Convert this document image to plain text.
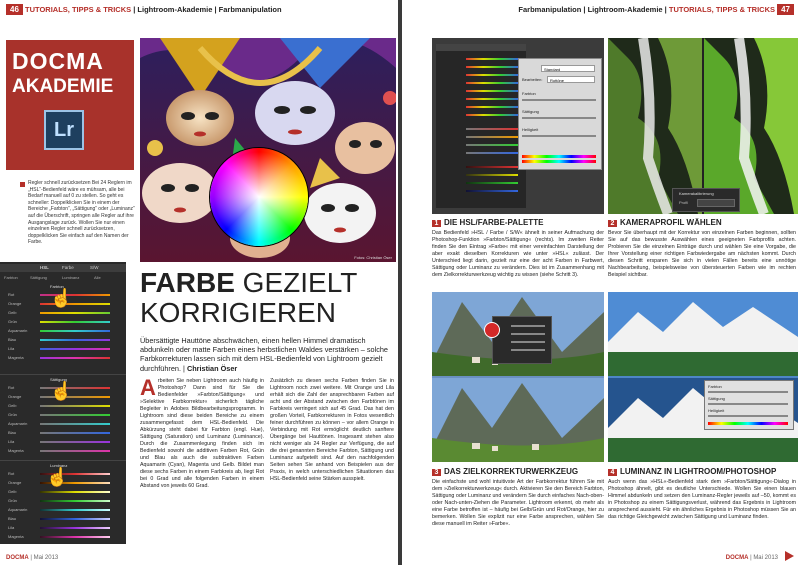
46 TUTORIALS, TIPPS & TRICKS | Lightroom-Akademie | Farbmanipulation
DOCMA
AKADEMIE
Lr
Regler schnell zurücksetzen Bei 24 Reglern im „HSL“-Bedienfeld wäre es mühsam, alle bei Bedarf manuell auf 0 zu stellen. So geht es schneller: Doppelklicken Sie in einem der Bereiche „Farbton“, „Sättigung“ oder „Luminanz“ auf die Überschrift, springen alle Regler auf ihre Ausgangslage zurück. Wollen Sie nur einen einzelnen Regler schnell zurücksetzen, doppelklicken Sie einfach auf den Namen der Farbe.
Fotos: Christian Öser
HSL	Farbe	S/W
Farbton	Sättigung	Luminanz	Alle
Farbton
Rot
Orange
Gelb
Grün
Aquamarin
Blau
Lila
Magenta
☝
Sättigung
Rot
Orange
Gelb
Grün
Aquamarin
Blau
Lila
Magenta
☝
Luminanz
Rot
Orange
Gelb
Grün
Aquamarin
Blau
Lila
Magenta
☝
FARBE GEZIELT
KORRIGIEREN
Übersättigte Hauttöne abschwächen, einen hellen Himmel dramatisch abdunkeln oder matte Farben eines herbstlichen Waldes verstärken – solche Farbkorrekturen lassen sich mit dem HSL-Bedienfeld von Lightroom gezielt durchführen. | Christian Öser
Arbeiten Sie neben Lightroom auch häufig in Photoshop? Dann sind für Sie die Bedienfelder »Farbton/Sättigung« und »Selektive Farbkorrektur« sicherlich tägliche Begleiter in Adobes Bildbearbeitungsprogramm. In Lightroom sind diese beiden Bereiche zu einem zusammengefasst: dem HSL-Bedienfeld. Die Abkürzung steht dabei für Farbton (engl. Hue), Sättigung (Saturation) und Luminanz (Luminance). Durch die Zusammenlegung finden sich im Bedienfeld sowohl die additiven Farben Rot, Grün und Blau als auch die subtraktiven Farben Aquamarin (Cyan), Magenta und Gelb. Bildet man diese sechs Farben in einem Farbkreis ab, liegt Rot bei 0 Grad und alle folgenden Farben in einem Abstand von jeweils 60 Grad.
Zusätzlich zu diesen sechs Farben finden Sie in Lightroom noch zwei weitere. Mit Orange und Lila erhält sich die Zahl der ansprechbaren Farben auf acht und der Abstand zwischen den Farbtönen im Farbkreis verringert sich auf 45 Grad. Das hat den großen Vorteil, Farbkorrekturen in Fotos wesentlich feiner durchführen zu können – vor allem Orange in Verbindung mit Rot ermöglicht deutlich sanftere Übergänge bei Hauttönen. Insgesamt stehen also nicht weniger als 24 Regler zur Verfügung, die auf die drei genannten Bereiche Farbton, Sättigung und Luminanz aufgeteilt sind. Auf den nachfolgenden Seiten sehen Sie anhand von Beispielen aus der Praxis, in welch unterschiedlichen Situationen das HSL-Bedienfeld seine Stärken ausspielt.
DOCMA | Mai 2013
Farbmanipulation | Lightroom-Akademie | TUTORIALS, TIPPS & TRICKS 47
Standard
Bearbeiten:	Rottöne
Farbton
Sättigung
Helligkeit
Kamerakalibrierung
Profil
1 DIE HSL/FARBE-PALETTE
Das Bedienfeld »HSL / Farbe / S/W« ähnelt in seiner Aufmachung der Photoshop-Funktion »Farbton/Sättigung« (rechts). Im zweiten Reiter finden Sie den Eintrag »Farbe« mit einer vereinfachten Darstellung der aber exakt dieselben Korrekturen wie unter »HSL« zulässt. Der Unterschied liegt darin, gezielt nur eine der acht Farben in Farbwert, Sättigung oder Luminanz zu verändern. Dies ist im Zusammenhang mit dem Zielkorrekturwerkzeug wichtig zu wissen (siehe Schritt 3).
2 KAMERAPROFIL WÄHLEN
Bevor Sie überhaupt mit der Korrektur von einzelnen Farben beginnen, sollten Sie auf das bewusste Auswählen eines geeigneten Farbprofils achten. Probieren Sie die einzelnen Einträge durch und wählen Sie eine Vorgabe, die Ihrer Vorstellung einer richtigen Farbwiedergabe am nächsten kommt. Durch diesen Schritt ersparen Sie sich in vielen Fällen bereits eine unnötige Nachbearbeitung, beispielsweise von übersteuerten Farben wie im rechten Beispiel sichtbar.
Farbton
Sättigung
Helligkeit
3 DAS ZIELKORREKTURWERKZEUG
Die einfachste und wohl intuitivste Art der Farbkorrektur führen Sie mit dem »Zielkorrekturwerkzeug« durch. Aktivieren Sie den Bereich Farbton, Sättigung oder Luminanz und verändern Sie durch einfaches Nach-oben- oder Nach-unten-Ziehen die Parameter. Lightroom erkennt, ob mehr als eine Farbe betroffen ist – häufig bei Gelb/Grün und Rot/Orange, hier zu bemerken. Wollen Sie explizit nur eine Farbe ansprechen, wählen Sie diese manuell im Reiter »Farbe«.
4 LUMINANZ IN LIGHTROOM/PHOTOSHOP
Auch wenn das »HSL«-Bedienfeld stark dem »Farbton/Sättigung«-Dialog in Photoshop ähnelt, gibt es deutliche Unterschiede. Wollen Sie einen blauen Himmel abdunkeln und setzen den Luminanz-Regler jeweils auf –50, kommt es in Photoshop zu einem Sättigungsverlust, während das Ergebnis in Lightroom ansprechend aussieht. Für ein ähnliches Ergebnis in Photoshop müssen Sie an das richtige Gleichgewicht zwischen Sättigung und Luminanz finden.
DOCMA | Mai 2013
